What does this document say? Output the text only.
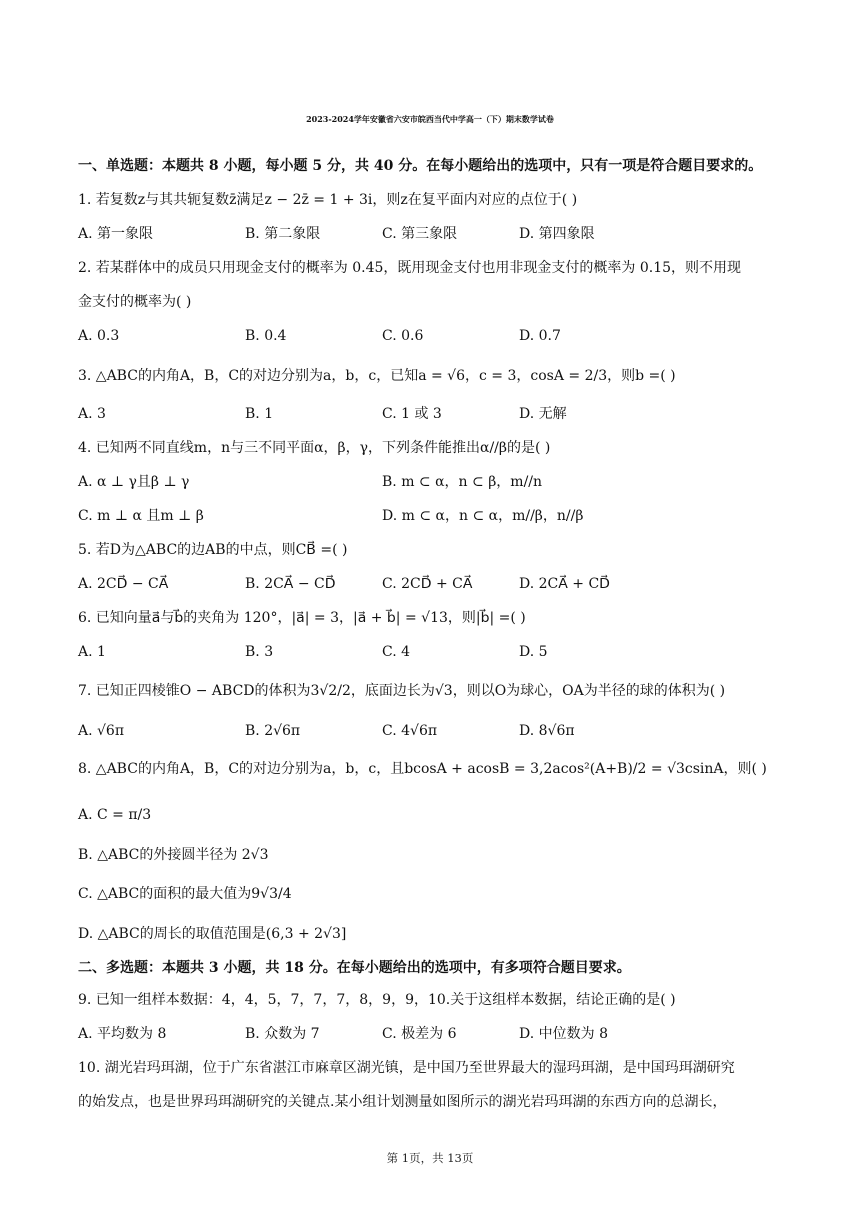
2023-2024学年安徽省六安市皖西当代中学高一（下）期末数学试卷
一、单选题：本题共 8 小题，每小题 5 分，共 40 分。在每小题给出的选项中，只有一项是符合题目要求的。
1. 若复数z与其共轭复数z̄满足z − 2z̄ = 1 + 3i，则z在复平面内对应的点位于( )
A. 第一象限	B. 第二象限	C. 第三象限	D. 第四象限
2. 若某群体中的成员只用现金支付的概率为 0.45，既用现金支付也用非现金支付的概率为 0.15，则不用现
金支付的概率为( )
A. 0.3	B. 0.4	C. 0.6	D. 0.7
3. △ABC的内角A，B，C的对边分别为a，b，c，已知a = √6，c = 3，cosA = 2/3，则b =( )
A. 3	B. 1	C. 1 或 3	D. 无解
4. 已知两不同直线m，n与三不同平面α，β，γ，下列条件能推出α//β的是( )
A. α ⊥ γ且β ⊥ γ	B. m ⊂ α，n ⊂ β，m//n
C. m ⊥ α 且m ⊥ β	D. m ⊂ α，n ⊂ α，m//β，n//β
5. 若D为△ABC的边AB的中点，则CB⃗ =( )
A. 2CD⃗ − CA⃗	B. 2CA⃗ − CD⃗	C. 2CD⃗ + CA⃗	D. 2CA⃗ + CD⃗
6. 已知向量a⃗与b⃗的夹角为 120°，|a⃗| = 3，|a⃗ + b⃗| = √13，则|b⃗| =( )
A. 1	B. 3	C. 4	D. 5
7. 已知正四棱锥O − ABCD的体积为3√2/2，底面边长为√3，则以O为球心，OA为半径的球的体积为( )
A. √6π	B. 2√6π	C. 4√6π	D. 8√6π
8. △ABC的内角A，B，C的对边分别为a，b，c，且bcosA + acosB = 3,2acos²(A+B)/2 = √3csinA，则( )
A. C = π/3
B. △ABC的外接圆半径为 2√3
C. △ABC的面积的最大值为9√3/4
D. △ABC的周长的取值范围是(6,3 + 2√3]
二、多选题：本题共 3 小题，共 18 分。在每小题给出的选项中，有多项符合题目要求。
9. 已知一组样本数据：4，4，5，7，7，7，8，9，9，10.关于这组样本数据，结论正确的是( )
A. 平均数为 8	B. 众数为 7	C. 极差为 6	D. 中位数为 8
10. 湖光岩玛珥湖，位于广东省湛江市麻章区湖光镇，是中国乃至世界最大的湿玛珥湖，是中国玛珥湖研究
的始发点，也是世界玛珥湖研究的关键点.某小组计划测量如图所示的湖光岩玛珥湖的东西方向的总湖长，
第 1页，共 13页
